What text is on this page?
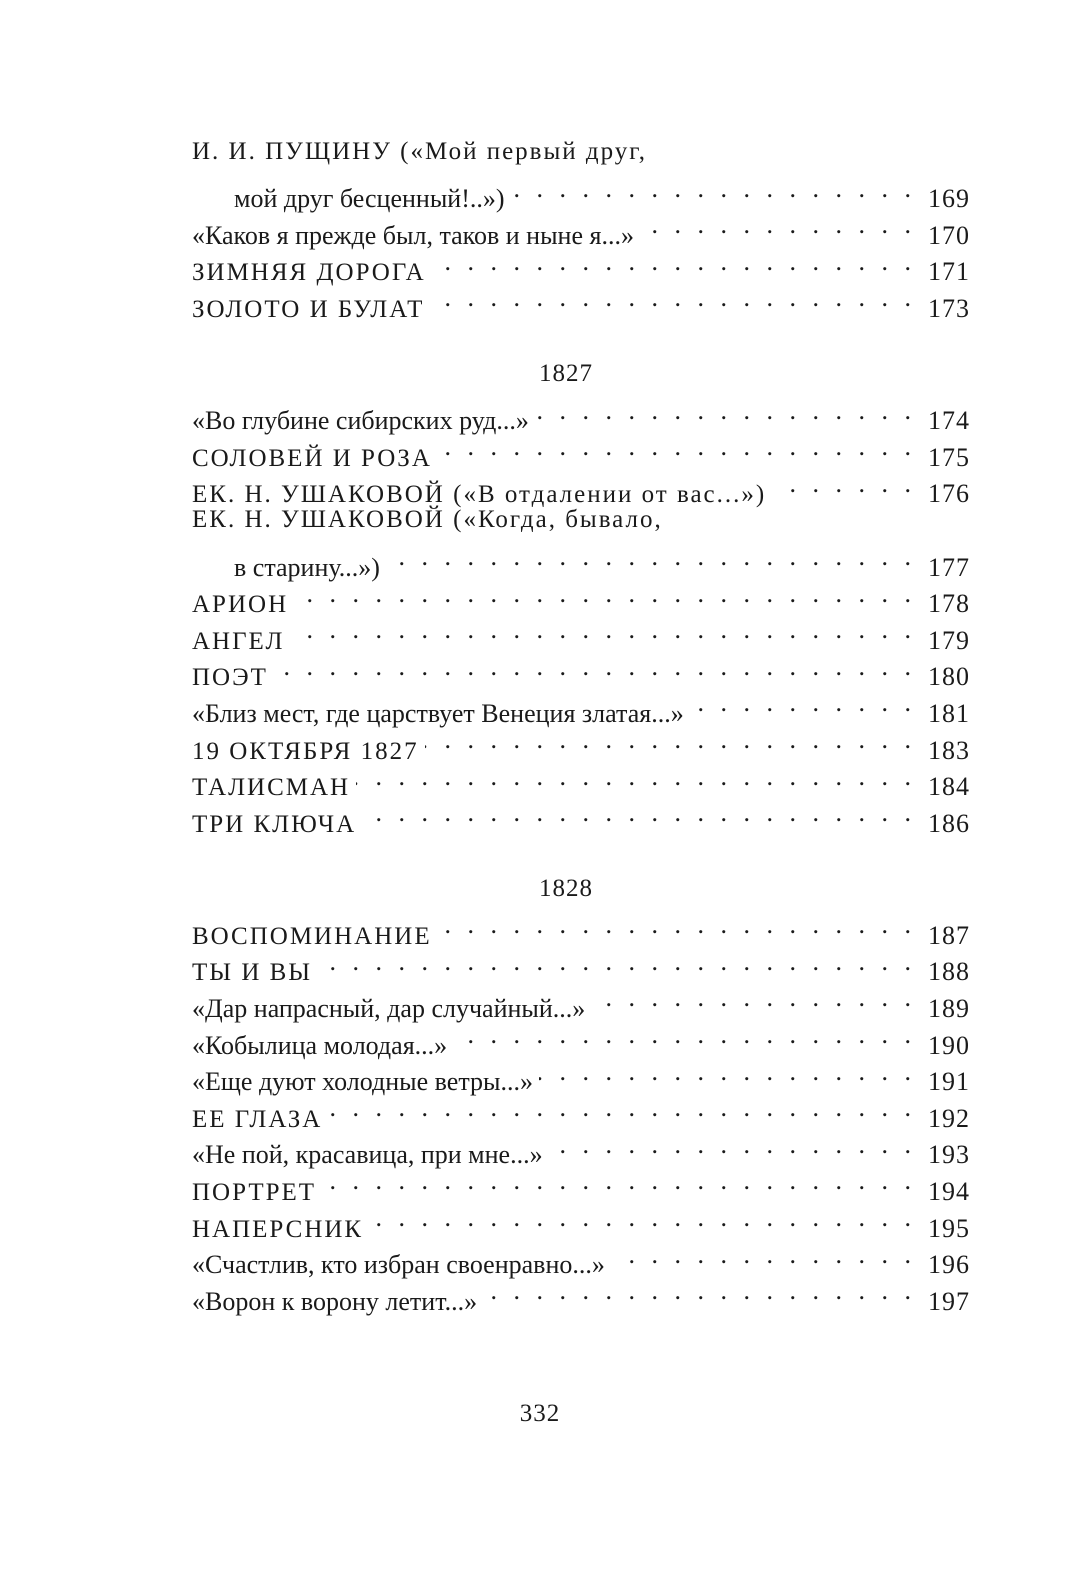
И. И. ПУЩИНУ («Мой первый друг,
мой друг бесценный!..») . . .	169
«Каков я прежде был, таков и ныне я...» . . .	170
ЗИМНЯЯ ДОРОГА . . .	171
ЗОЛОТО И БУЛАТ . . .	173
1827
«Во глубине сибирских руд...» . . .	174
СОЛОВЕЙ И РОЗА . . .	175
ЕК. Н. УШАКОВОЙ («В отдалении от вас...») . . .	176
ЕК. Н. УШАКОВОЙ («Когда, бывало,
в старину...») . . .	177
АРИОН . . .	178
АНГЕЛ . . .	179
ПОЭТ . . .	180
«Близ мест, где царствует Венеция златая...» . . .	181
19 ОКТЯБРЯ 1827 . . .	183
ТАЛИСМАН . . .	184
ТРИ КЛЮЧА . . .	186
1828
ВОСПОМИНАНИЕ . . .	187
ТЫ И ВЫ . . .	188
«Дар напрасный, дар случайный...» . . .	189
«Кобылица молодая...» . . .	190
«Еще дуют холодные ветры...» . . .	191
ЕЕ ГЛАЗА . . .	192
«Не пой, красавица, при мне...» . . .	193
ПОРТРЕТ . . .	194
НАПЕРСНИК . . .	195
«Счастлив, кто избран своенравно...» . . .	196
«Ворон к ворону летит...» . . .	197
332
